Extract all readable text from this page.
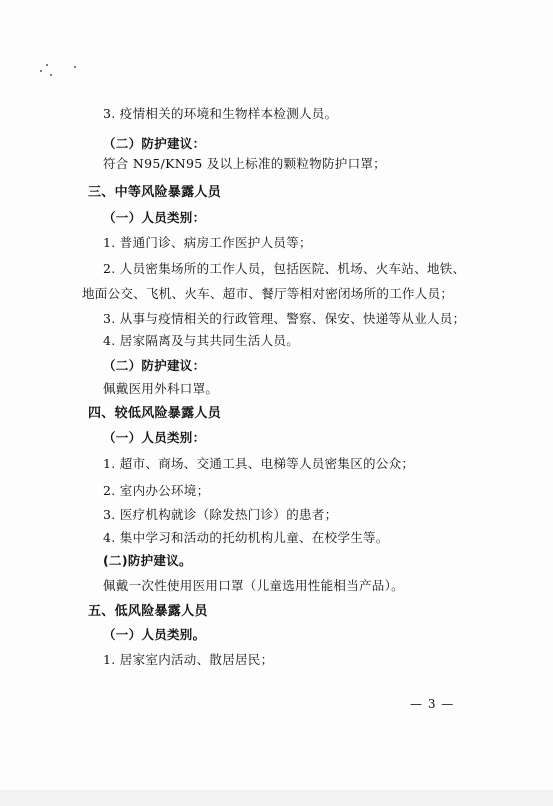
3. 疫情相关的环境和生物样本检测人员。
（二）防护建议：
符合 N95/KN95 及以上标准的颗粒物防护口罩；
三、中等风险暴露人员
（一）人员类别：
1. 普通门诊、病房工作医护人员等；
2. 人员密集场所的工作人员，包括医院、机场、火车站、地铁、
地面公交、飞机、火车、超市、餐厅等相对密闭场所的工作人员；
3. 从事与疫情相关的行政管理、警察、保安、快递等从业人员；
4. 居家隔离及与其共同生活人员。
（二）防护建议：
佩戴医用外科口罩。
四、较低风险暴露人员
（一）人员类别：
1. 超市、商场、交通工具、电梯等人员密集区的公众；
2. 室内办公环境；
3. 医疗机构就诊（除发热门诊）的患者；
4. 集中学习和活动的托幼机构儿童、在校学生等。
(二)防护建议。
佩戴一次性使用医用口罩（儿童选用性能相当产品）。
五、低风险暴露人员
（一）人员类别。
1. 居家室内活动、散居居民；
— 3 —
